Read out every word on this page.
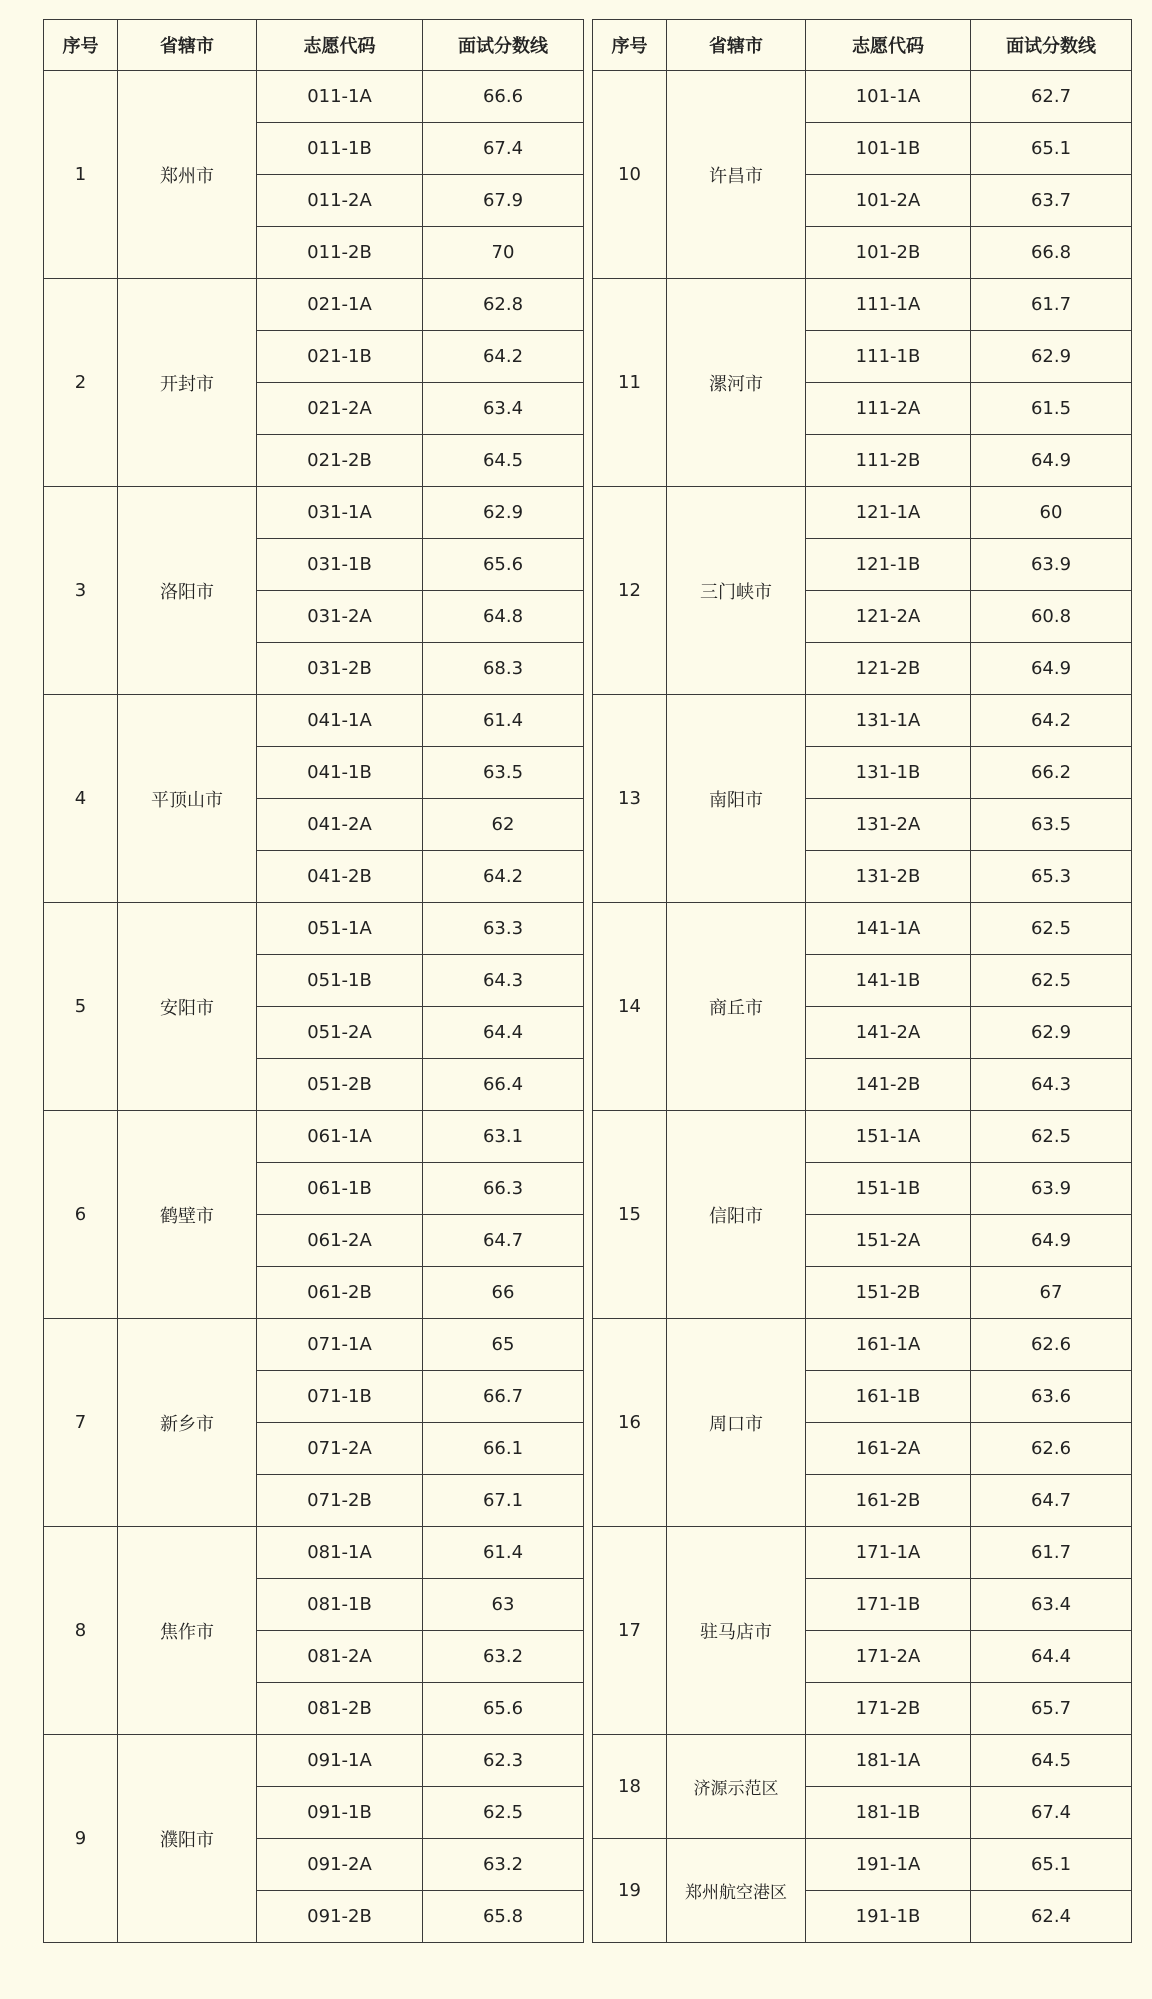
序号	省辖市	志愿代码	面试分数线
1	郑州市	011-1A	66.6
		011-1B	67.4
		011-2A	67.9
		011-2B	70
2	开封市	021-1A	62.8
		021-1B	64.2
		021-2A	63.4
		021-2B	64.5
3	洛阳市	031-1A	62.9
		031-1B	65.6
		031-2A	64.8
		031-2B	68.3
4	平顶山市	041-1A	61.4
		041-1B	63.5
		041-2A	62
		041-2B	64.2
5	安阳市	051-1A	63.3
		051-1B	64.3
		051-2A	64.4
		051-2B	66.4
6	鹤壁市	061-1A	63.1
		061-1B	66.3
		061-2A	64.7
		061-2B	66
7	新乡市	071-1A	65
		071-1B	66.7
		071-2A	66.1
		071-2B	67.1
8	焦作市	081-1A	61.4
		081-1B	63
		081-2A	63.2
		081-2B	65.6
9	濮阳市	091-1A	62.3
		091-1B	62.5
		091-2A	63.2
		091-2B	65.8
序号	省辖市	志愿代码	面试分数线
10	许昌市	101-1A	62.7
		101-1B	65.1
		101-2A	63.7
		101-2B	66.8
11	漯河市	111-1A	61.7
		111-1B	62.9
		111-2A	61.5
		111-2B	64.9
12	三门峡市	121-1A	60
		121-1B	63.9
		121-2A	60.8
		121-2B	64.9
13	南阳市	131-1A	64.2
		131-1B	66.2
		131-2A	63.5
		131-2B	65.3
14	商丘市	141-1A	62.5
		141-1B	62.5
		141-2A	62.9
		141-2B	64.3
15	信阳市	151-1A	62.5
		151-1B	63.9
		151-2A	64.9
		151-2B	67
16	周口市	161-1A	62.6
		161-1B	63.6
		161-2A	62.6
		161-2B	64.7
17	驻马店市	171-1A	61.7
		171-1B	63.4
		171-2A	64.4
		171-2B	65.7
18	济源示范区	181-1A	64.5
		181-1B	67.4
19	郑州航空港区	191-1A	65.1
		191-1B	62.4
